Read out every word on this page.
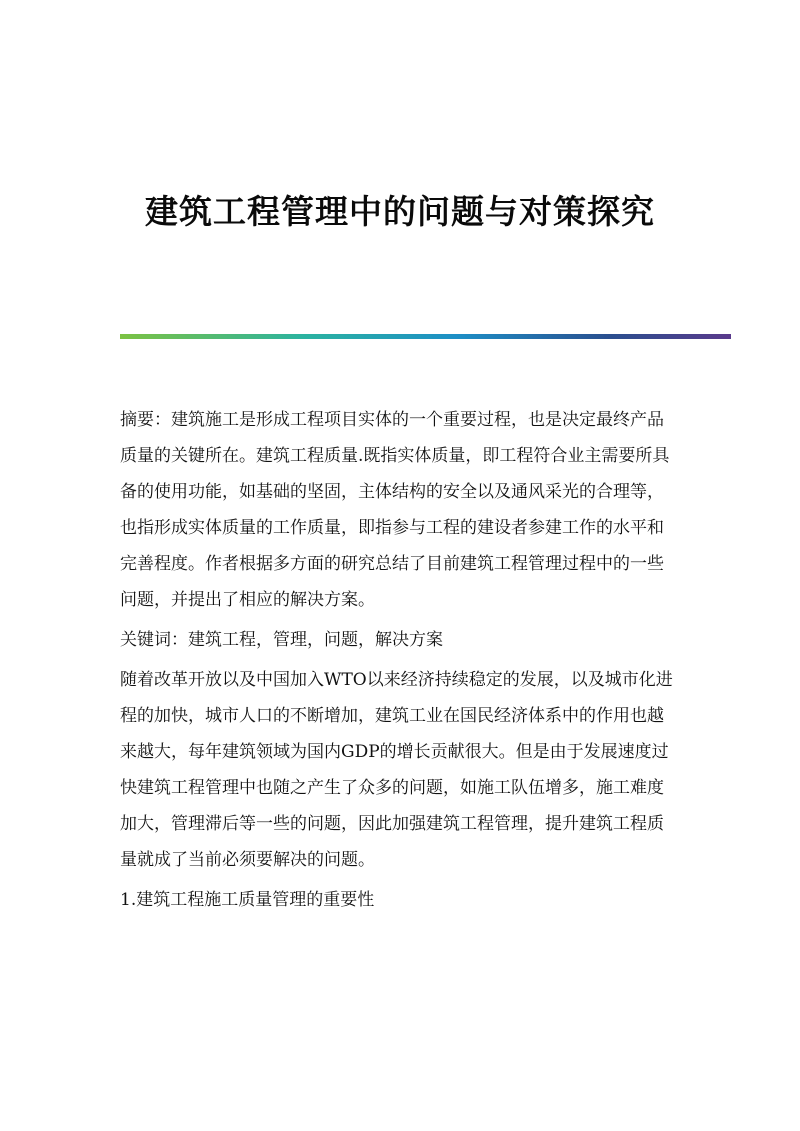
建筑工程管理中的问题与对策探究

摘要：建筑施工是形成工程项目实体的一个重要过程，也是决定最终产品质量的关键所在。建筑工程质量.既指实体质量，即工程符合业主需要所具备的使用功能，如基础的坚固，主体结构的安全以及通风采光的合理等，也指形成实体质量的工作质量，即指参与工程的建设者参建工作的水平和完善程度。作者根据多方面的研究总结了目前建筑工程管理过程中的一些问题，并提出了相应的解决方案。

关键词：建筑工程，管理，问题，解决方案

随着改革开放以及中国加入WTO以来经济持续稳定的发展，以及城市化进程的加快，城市人口的不断增加，建筑工业在国民经济体系中的作用也越来越大，每年建筑领域为国内GDP的增长贡献很大。但是由于发展速度过快建筑工程管理中也随之产生了众多的问题，如施工队伍增多，施工难度加大，管理滞后等一些的问题，因此加强建筑工程管理，提升建筑工程质量就成了当前必须要解决的问题。

1.建筑工程施工质量管理的重要性
